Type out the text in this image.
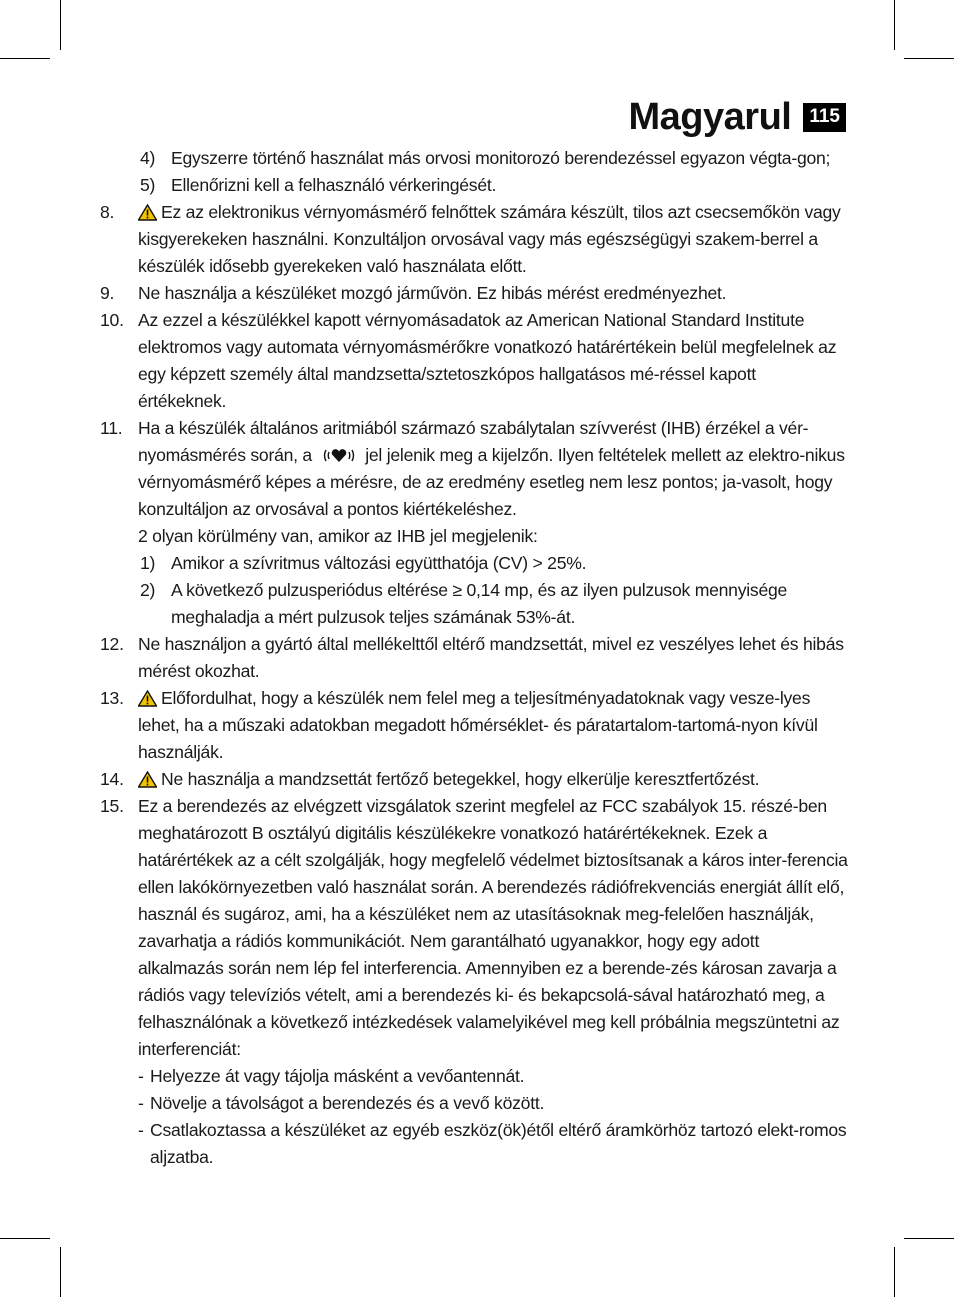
Magyarul 115
4) Egyszerre történő használat más orvosi monitorozó berendezéssel egyazon végta-gon;
5) Ellenőrizni kell a felhasználó vérkeringését.
8.	Ez az elektronikus vérnyomásmérő felnőttek számára készült, tilos azt csecsemőkön vagy kisgyerekeken használni. Konzultáljon orvosával vagy más egészségügyi szakem-berrel a készülék idősebb gyerekeken való használata előtt.
9.	Ne használja a készüléket mozgó járművön. Ez hibás mérést eredményezhet.
10. Az ezzel a készülékkel kapott vérnyomásadatok az American National Standard Institute elektromos vagy automata vérnyomásmérőkre vonatkozó határértékein belül megfelelnek az egy képzett személy által mandzsetta/sztetoszkópos hallgatásos mé-réssel kapott értékeknek.
11. Ha a készülék általános aritmiából származó szabálytalan szívverést (IHB) érzékel a vér-nyomásmérés során, a	jel jelenik meg a kijelzőn. Ilyen feltételek mellett az elektro-nikus vérnyomásmérő képes a mérésre, de az eredmény esetleg nem lesz pontos; ja-vasolt, hogy konzultáljon az orvosával a pontos kiértékeléshez.
2 olyan körülmény van, amikor az IHB jel megjelenik:
1) Amikor a szívritmus változási együtthatója (CV) > 25%.
2) A következő pulzusperiódus eltérése ≥ 0,14 mp, és az ilyen pulzusok mennyisége meghaladja a mért pulzusok teljes számának 53%-át.
12. Ne használjon a gyártó által mellékelttől eltérő mandzsettát, mivel ez veszélyes lehet és hibás mérést okozhat.
13.	Előfordulhat, hogy a készülék nem felel meg a teljesítményadatoknak vagy vesze-lyes lehet, ha a műszaki adatokban megadott hőmérséklet- és páratartalom-tartomá-nyon kívül használják.
14.	Ne használja a mandzsettát fertőző betegekkel, hogy elkerülje keresztfertőzést.
15. Ez a berendezés az elvégzett vizsgálatok szerint megfelel az FCC szabályok 15. részé-ben meghatározott B osztályú digitális készülékekre vonatkozó határértékeknek. Ezek a határértékek az a célt szolgálják, hogy megfelelő védelmet biztosítsanak a káros inter-ferencia ellen lakókörnyezetben való használat során. A berendezés rádiófrekvenciás energiát állít elő, használ és sugároz, ami, ha a készüléket nem az utasításoknak meg-felelően használják, zavarhatja a rádiós kommunikációt. Nem garantálható ugyanakkor, hogy egy adott alkalmazás során nem lép fel interferencia. Amennyiben ez a berende-zés károsan zavarja a rádiós vagy televíziós vételt, ami a berendezés ki- és bekapcsolá-sával határozható meg, a felhasználónak a következő intézkedések valamelyikével meg kell próbálnia megszüntetni az interferenciát:
- Helyezze át vagy tájolja másként a vevőantennát.
- Növelje a távolságot a berendezés és a vevő között.
- Csatlakoztassa a készüléket az egyéb eszköz(ök)étől eltérő áramkörhöz tartozó elekt-romos aljzatba.
